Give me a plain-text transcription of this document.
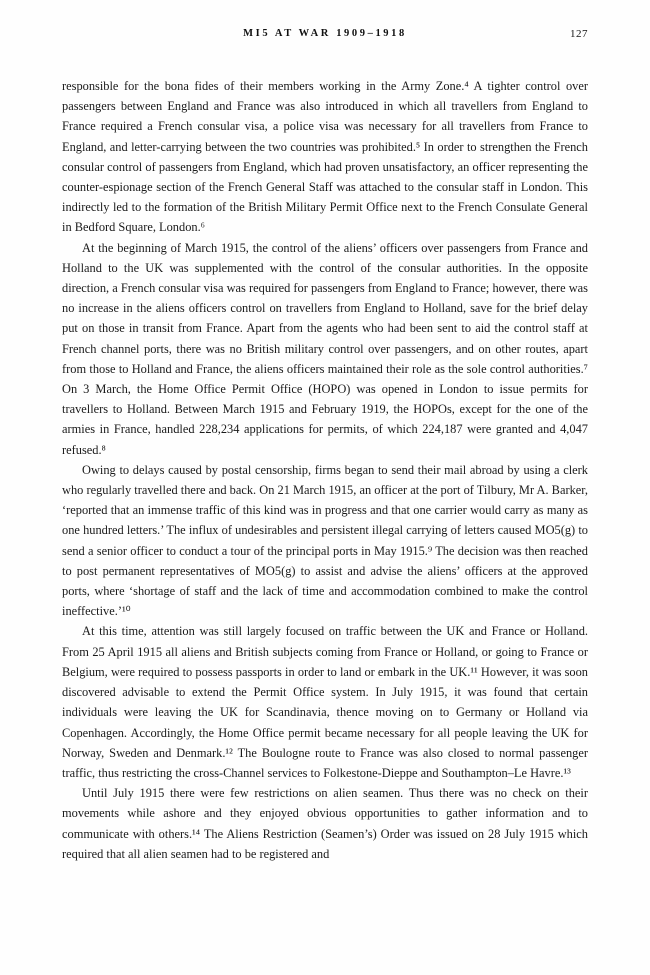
MI5 AT WAR 1909–1918	127

responsible for the bona fides of their members working in the Army Zone.⁴ A tighter control over passengers between England and France was also introduced in which all travellers from England to France required a French consular visa, a police visa was necessary for all travellers from France to England, and letter-carrying between the two countries was prohibited.⁵ In order to strengthen the French consular control of passengers from England, which had proven unsatisfactory, an officer representing the counter-espionage section of the French General Staff was attached to the consular staff in London. This indirectly led to the formation of the British Military Permit Office next to the French Consulate General in Bedford Square, London.⁶

At the beginning of March 1915, the control of the aliens’ officers over passengers from France and Holland to the UK was supplemented with the control of the consular authorities. In the opposite direction, a French consular visa was required for passengers from England to France; however, there was no increase in the aliens officers control on travellers from England to Holland, save for the brief delay put on those in transit from France. Apart from the agents who had been sent to aid the control staff at French channel ports, there was no British military control over passengers, and on other routes, apart from those to Holland and France, the aliens officers maintained their role as the sole control authorities.⁷ On 3 March, the Home Office Permit Office (HOPO) was opened in London to issue permits for travellers to Holland. Between March 1915 and February 1919, the HOPOs, except for the one of the armies in France, handled 228,234 applications for permits, of which 224,187 were granted and 4,047 refused.⁸

Owing to delays caused by postal censorship, firms began to send their mail abroad by using a clerk who regularly travelled there and back. On 21 March 1915, an officer at the port of Tilbury, Mr A. Barker, ‘reported that an immense traffic of this kind was in progress and that one carrier would carry as many as one hundred letters.’ The influx of undesirables and persistent illegal carrying of letters caused MO5(g) to send a senior officer to conduct a tour of the principal ports in May 1915.⁹ The decision was then reached to post permanent representatives of MO5(g) to assist and advise the aliens’ officers at the approved ports, where ‘shortage of staff and the lack of time and accommodation combined to make the control ineffective.’¹⁰

At this time, attention was still largely focused on traffic between the UK and France or Holland. From 25 April 1915 all aliens and British subjects coming from France or Holland, or going to France or Belgium, were required to possess passports in order to land or embark in the UK.¹¹ However, it was soon discovered advisable to extend the Permit Office system. In July 1915, it was found that certain individuals were leaving the UK for Scandinavia, thence moving on to Germany or Holland via Copenhagen. Accordingly, the Home Office permit became necessary for all people leaving the UK for Norway, Sweden and Denmark.¹² The Boulogne route to France was also closed to normal passenger traffic, thus restricting the cross-Channel services to Folkestone-Dieppe and Southampton–Le Havre.¹³

Until July 1915 there were few restrictions on alien seamen. Thus there was no check on their movements while ashore and they enjoyed obvious opportunities to gather information and to communicate with others.¹⁴ The Aliens Restriction (Seamen’s) Order was issued on 28 July 1915 which required that all alien seamen had to be registered and
